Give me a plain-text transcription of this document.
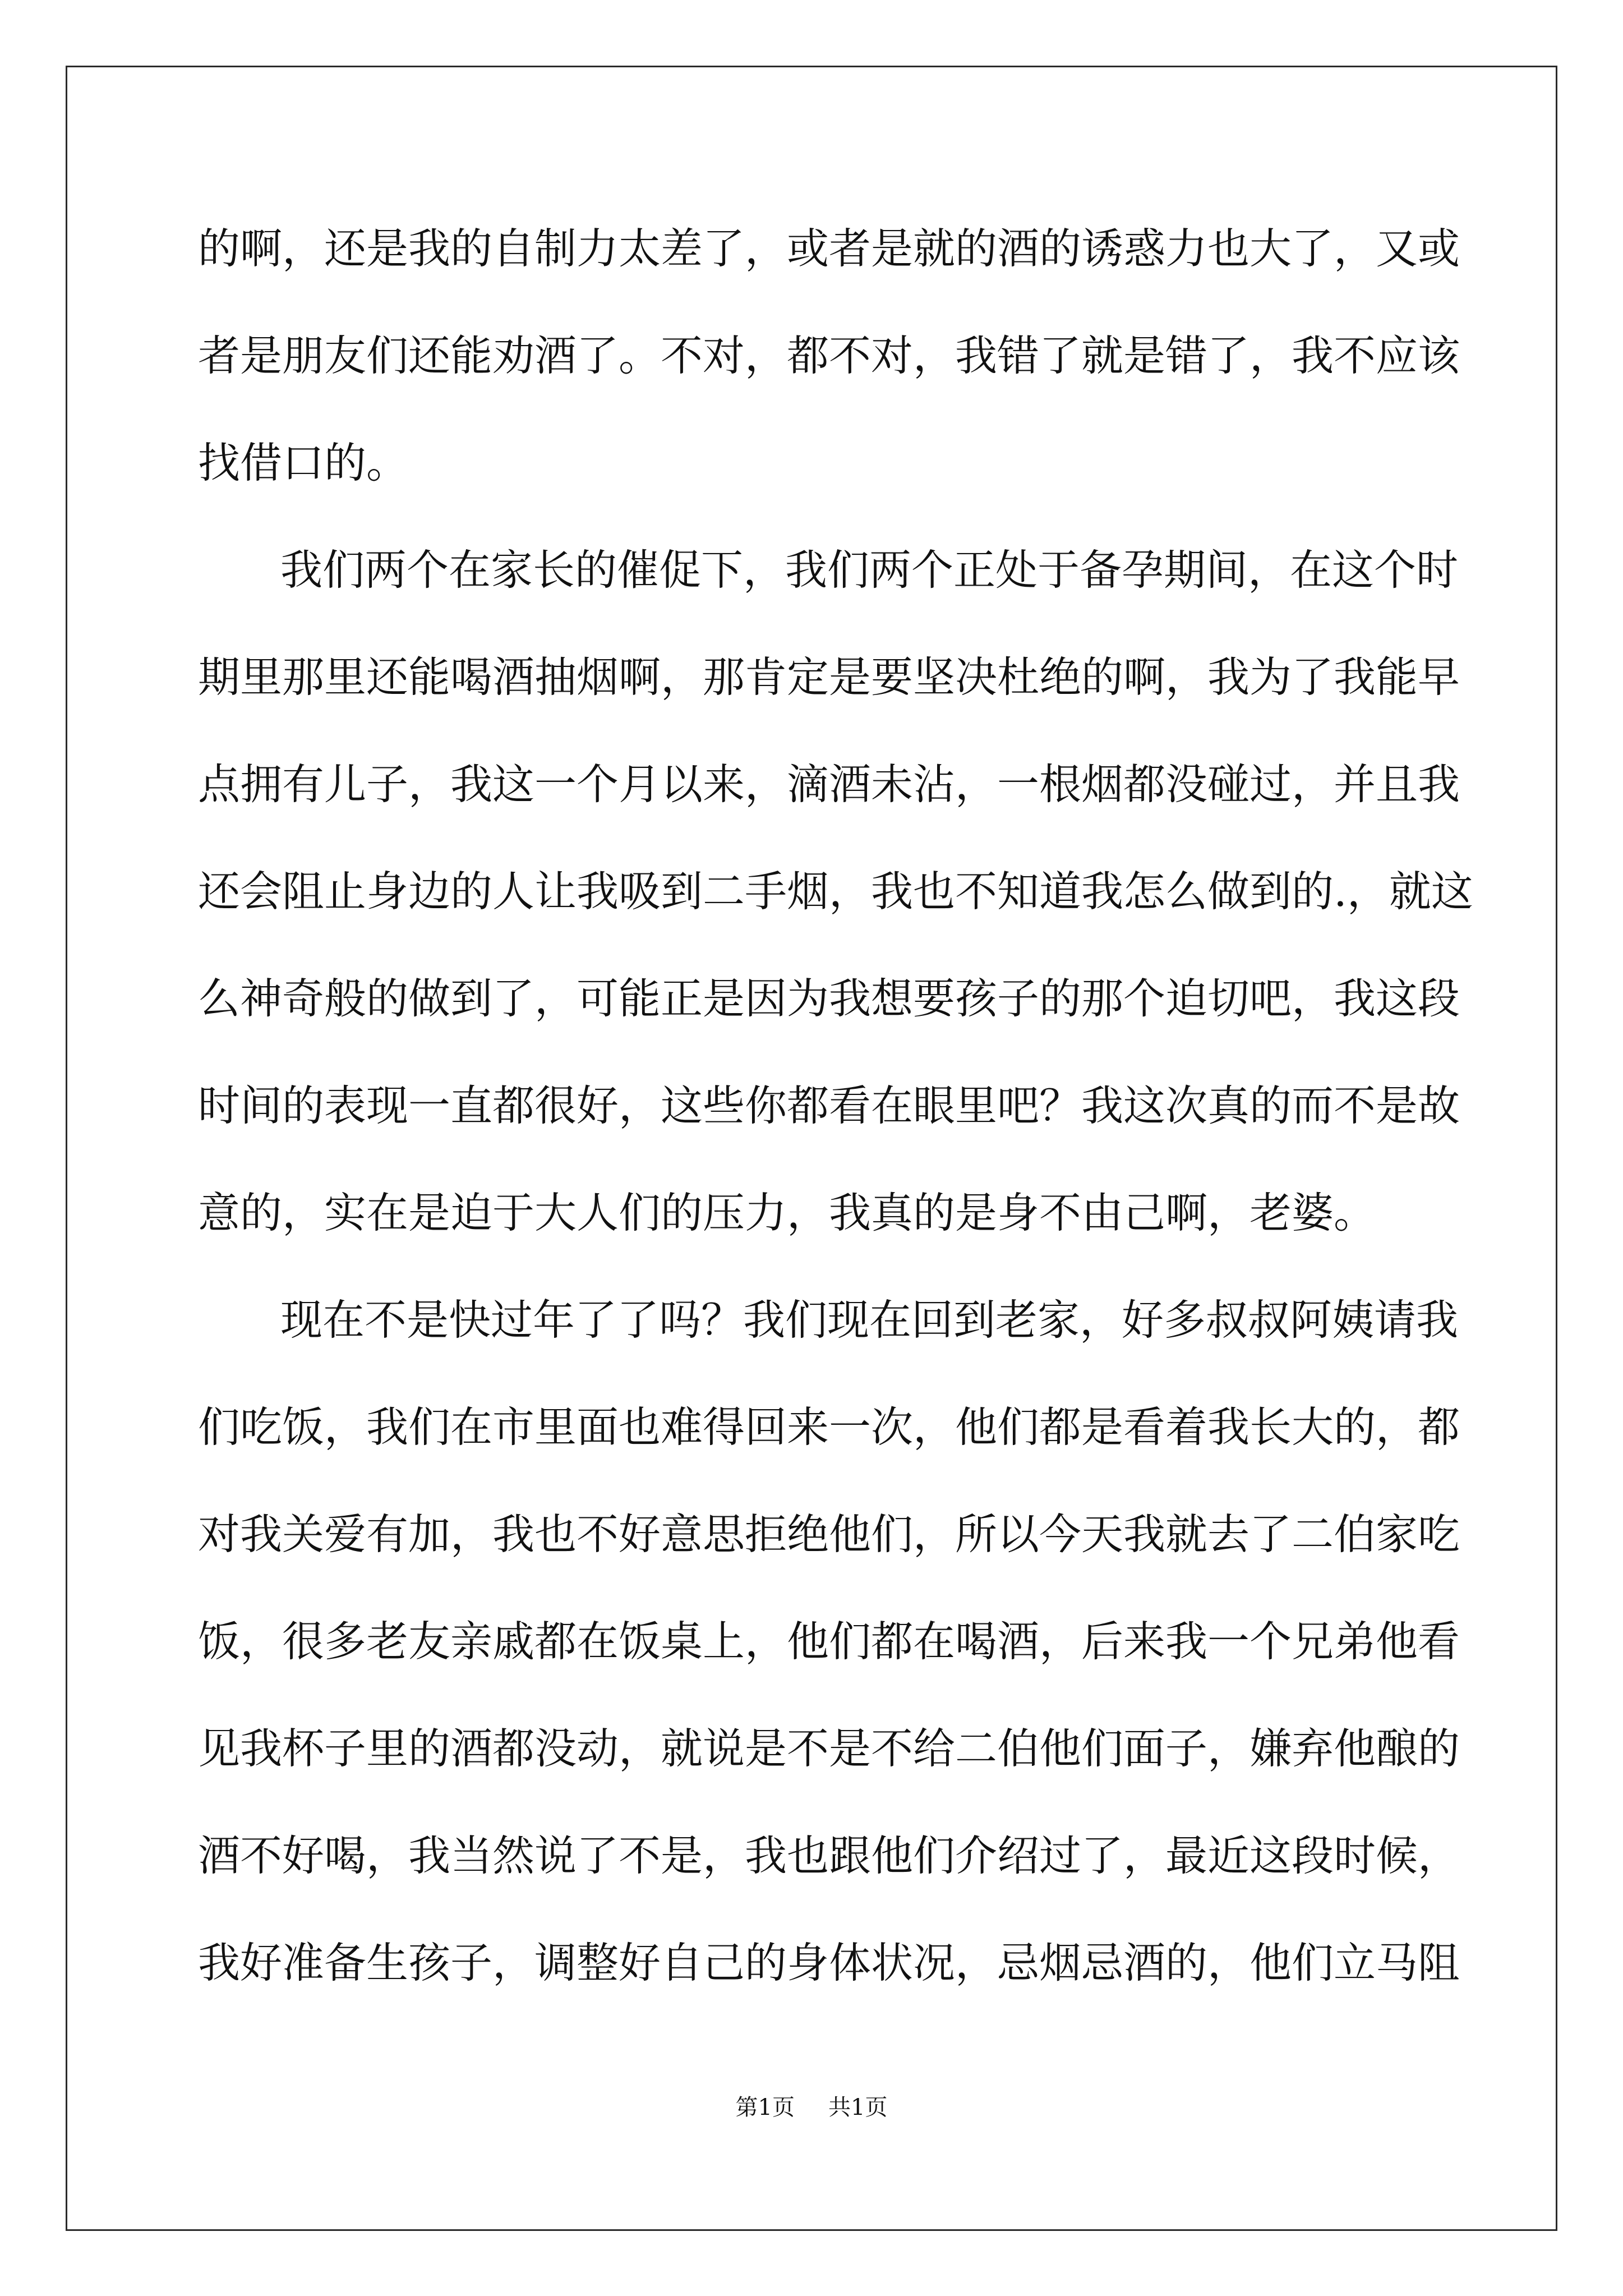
的啊，还是我的自制力太差了，或者是就的酒的诱惑力也大了，又或
者是朋友们还能劝酒了。不对，都不对，我错了就是错了，我不应该
找借口的。
我们两个在家长的催促下，我们两个正处于备孕期间，在这个时
期里那里还能喝酒抽烟啊，那肯定是要坚决杜绝的啊，我为了我能早
点拥有儿子，我这一个月以来，滴酒未沾，一根烟都没碰过，并且我
还会阻止身边的人让我吸到二手烟，我也不知道我怎么做到的.，就这
么神奇般的做到了，可能正是因为我想要孩子的那个迫切吧，我这段
时间的表现一直都很好，这些你都看在眼里吧？我这次真的而不是故
意的，实在是迫于大人们的压力，我真的是身不由己啊，老婆。
现在不是快过年了了吗？我们现在回到老家，好多叔叔阿姨请我
们吃饭，我们在市里面也难得回来一次，他们都是看着我长大的，都
对我关爱有加，我也不好意思拒绝他们，所以今天我就去了二伯家吃
饭，很多老友亲戚都在饭桌上，他们都在喝酒，后来我一个兄弟他看
见我杯子里的酒都没动，就说是不是不给二伯他们面子，嫌弃他酿的
酒不好喝，我当然说了不是，我也跟他们介绍过了，最近这段时候，
我好准备生孩子，调整好自己的身体状况，忌烟忌酒的，他们立马阻
第1页 共1页
